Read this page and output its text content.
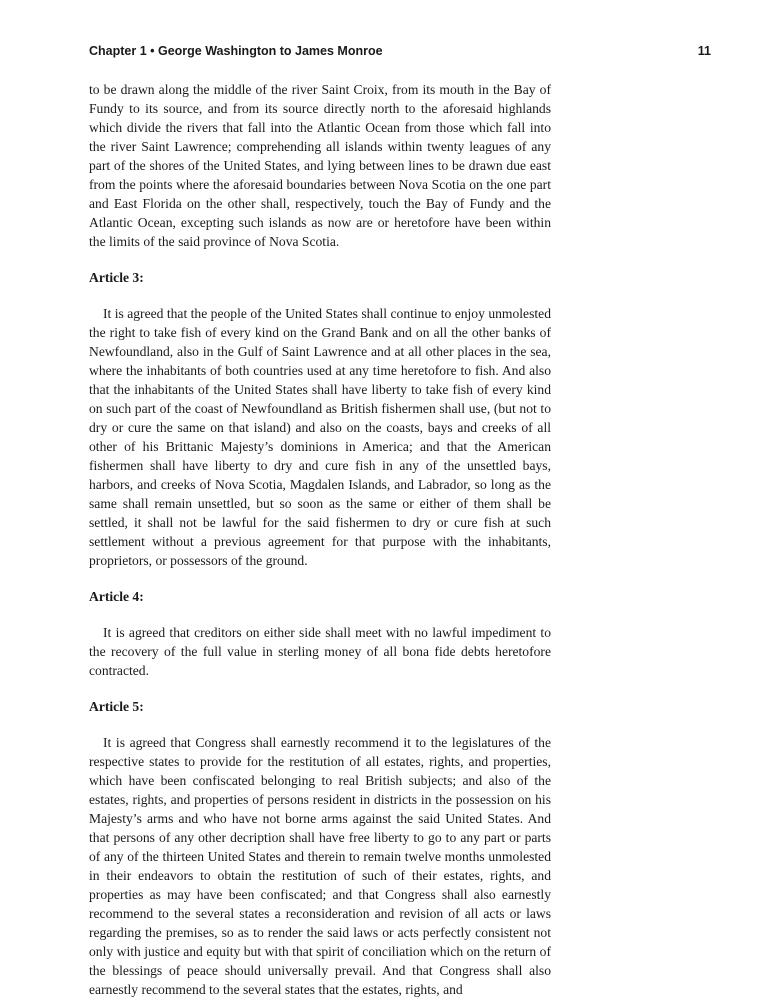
Chapter 1 • George Washington to James Monroe	11

to be drawn along the middle of the river Saint Croix, from its mouth in the Bay of Fundy to its source, and from its source directly north to the aforesaid highlands which divide the rivers that fall into the Atlantic Ocean from those which fall into the river Saint Lawrence; comprehending all islands within twenty leagues of any part of the shores of the United States, and lying between lines to be drawn due east from the points where the aforesaid boundaries between Nova Scotia on the one part and East Florida on the other shall, respectively, touch the Bay of Fundy and the Atlantic Ocean, excepting such islands as now are or heretofore have been within the limits of the said province of Nova Scotia.

Article 3:

It is agreed that the people of the United States shall continue to enjoy unmolested the right to take fish of every kind on the Grand Bank and on all the other banks of Newfoundland, also in the Gulf of Saint Lawrence and at all other places in the sea, where the inhabitants of both countries used at any time heretofore to fish. And also that the inhabitants of the United States shall have liberty to take fish of every kind on such part of the coast of Newfoundland as British fishermen shall use, (but not to dry or cure the same on that island) and also on the coasts, bays and creeks of all other of his Brittanic Majesty’s dominions in America; and that the American fishermen shall have liberty to dry and cure fish in any of the unsettled bays, harbors, and creeks of Nova Scotia, Magdalen Islands, and Labrador, so long as the same shall remain unsettled, but so soon as the same or either of them shall be settled, it shall not be lawful for the said fishermen to dry or cure fish at such settlement without a previous agreement for that purpose with the inhabitants, proprietors, or possessors of the ground.

Article 4:

It is agreed that creditors on either side shall meet with no lawful impediment to the recovery of the full value in sterling money of all bona fide debts heretofore contracted.

Article 5:

It is agreed that Congress shall earnestly recommend it to the legislatures of the respective states to provide for the restitution of all estates, rights, and properties, which have been confiscated belonging to real British subjects; and also of the estates, rights, and properties of persons resident in districts in the possession on his Majesty’s arms and who have not borne arms against the said United States. And that persons of any other decription shall have free liberty to go to any part or parts of any of the thirteen United States and therein to remain twelve months unmolested in their endeavors to obtain the restitution of such of their estates, rights, and properties as may have been confiscated; and that Congress shall also earnestly recommend to the several states a reconsideration and revision of all acts or laws regarding the premises, so as to render the said laws or acts perfectly consistent not only with justice and equity but with that spirit of conciliation which on the return of the blessings of peace should universally prevail. And that Congress shall also earnestly recommend to the several states that the estates, rights, and
